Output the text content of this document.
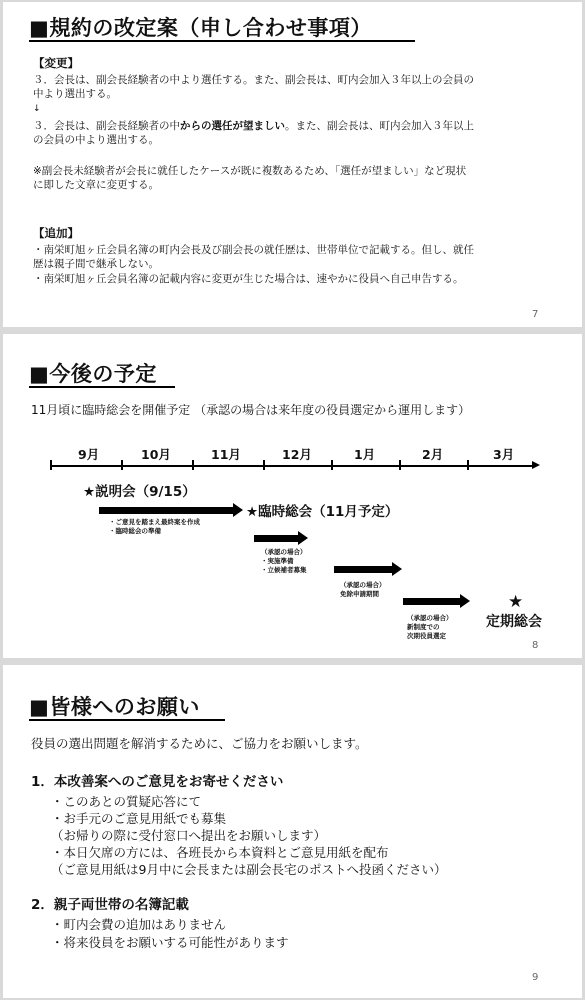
■規約の改定案（申し合わせ事項）
【変更】
３．会長は、副会長経験者の中より選任する。また、副会長は、町内会加入３年以上の会員の
中より選出する。
↓
３．会長は、副会長経験者の中からの選任が望ましい。また、副会長は、町内会加入３年以上
の会員の中より選出する。
※副会長未経験者が会長に就任したケースが既に複数あるため、「選任が望ましい」など現状
に即した文章に変更する。
【追加】
・南栄町旭ヶ丘会員名簿の町内会長及び副会長の就任歴は、世帯単位で記載する。但し、就任
歴は親子間で継承しない。
・南栄町旭ヶ丘会員名簿の記載内容に変更が生じた場合は、速やかに役員へ自己申告する。
7
■今後の予定
11月頃に臨時総会を開催予定 （承認の場合は来年度の役員選定から運用します）
9月	10月	11月	12月	1月	2月	3月
★説明会（9/15）
・ご意見を踏まえ最終案を作成
・臨時総会の準備
★臨時総会（11月予定）
（承認の場合）
・実施準備
・立候補者募集
（承認の場合）
免除申請期間
（承認の場合）
新制度での
次期役員選定
★
定期総会
8
■皆様へのお願い
役員の選出問題を解消するために、ご協力をお願いします。
1．本改善案へのご意見をお寄せください
・このあとの質疑応答にて
・お手元のご意見用紙でも募集
（お帰りの際に受付窓口へ提出をお願いします）
・本日欠席の方には、各班長から本資料とご意見用紙を配布
（ご意見用紙は9月中に会長または副会長宅のポストへ投函ください）
2．親子両世帯の名簿記載
・町内会費の追加はありません
・将来役員をお願いする可能性があります
9
